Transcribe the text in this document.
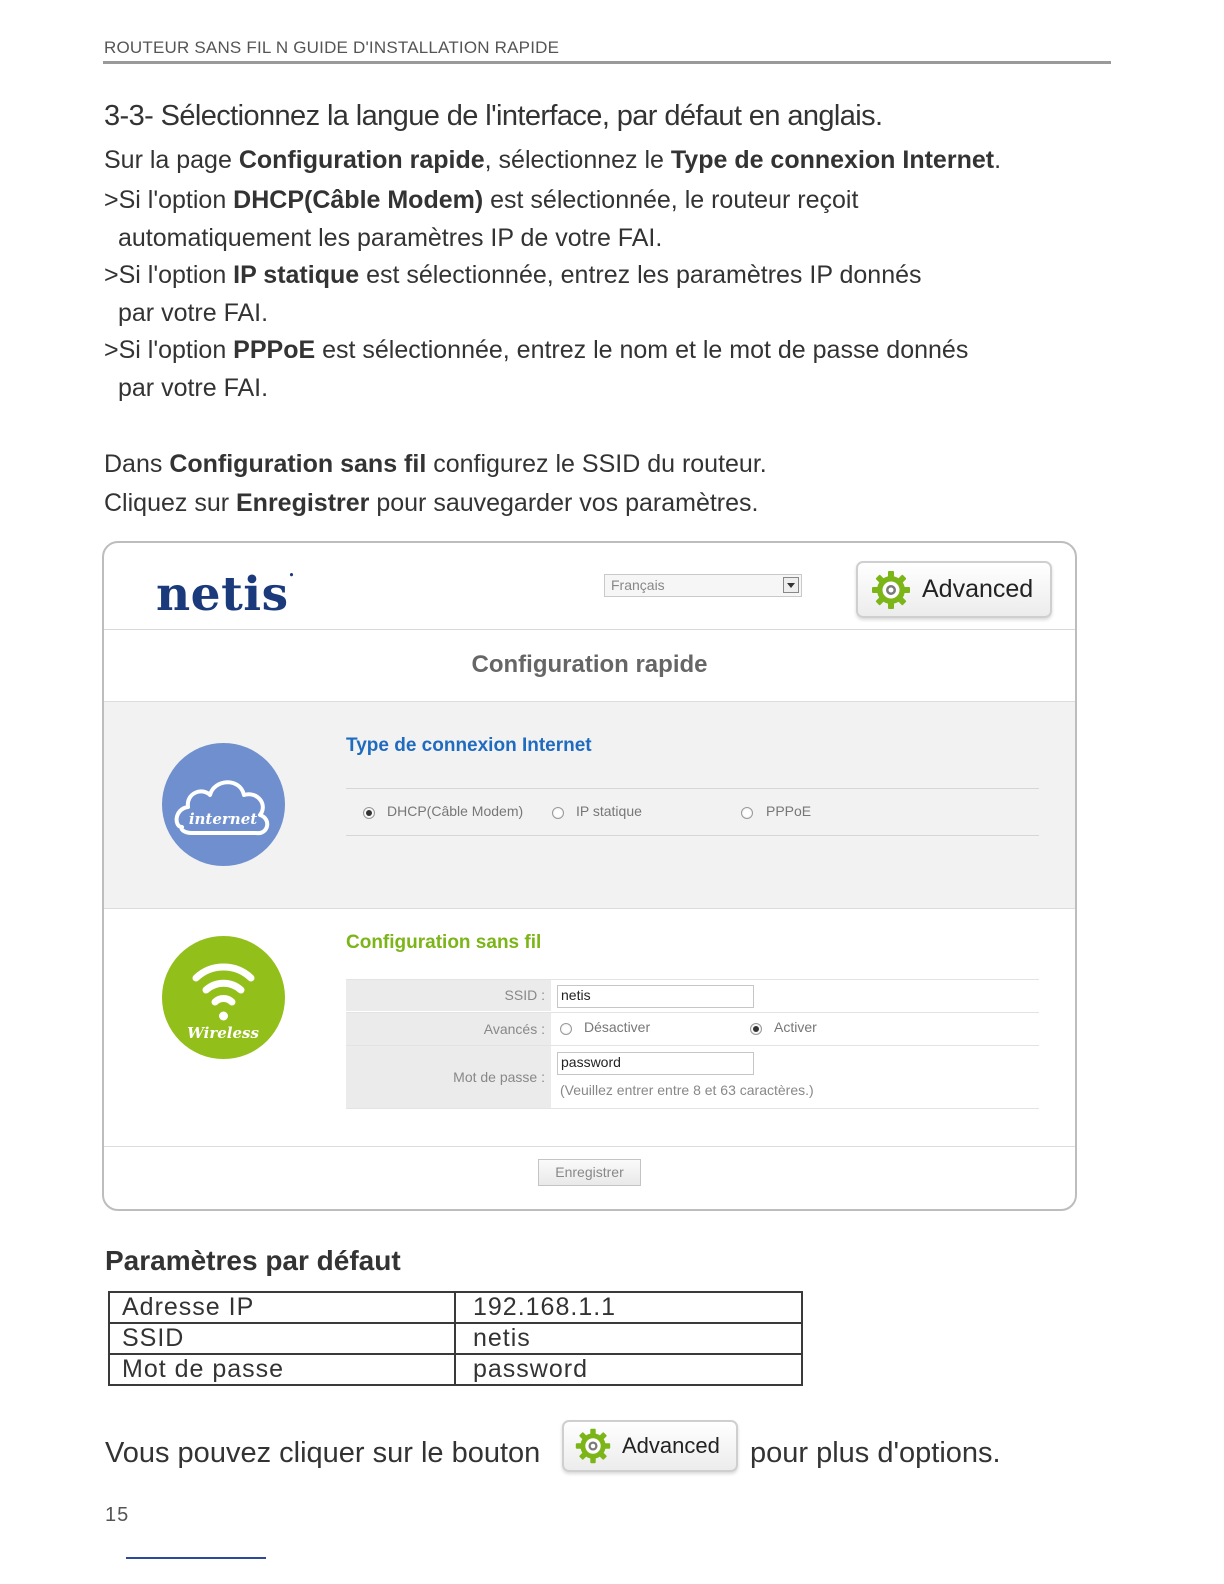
ROUTEUR SANS FIL N GUIDE D'INSTALLATION RAPIDE
3-3- Sélectionnez la langue de l'interface, par défaut en anglais.
Sur la page Configuration rapide, sélectionnez le Type de connexion Internet.
>Si l'option DHCP(Câble Modem) est sélectionnée, le routeur reçoit
automatiquement les paramètres IP de votre FAI.
>Si l'option IP statique est sélectionnée, entrez les paramètres IP donnés
par votre FAI.
>Si l'option PPPoE est sélectionnée, entrez le nom et le mot de passe donnés
par votre FAI.
Dans Configuration sans fil configurez le SSID du routeur.
Cliquez sur Enregistrer pour sauvegarder vos paramètres.
netis•
Français	Advanced
Configuration rapide
internet
Type de connexion Internet
DHCP(Câble Modem)	IP statique	PPPoE
Wireless
Configuration sans fil
SSID :	netis
Avancés :	Désactiver	Activer
Mot de passe :
password
(Veuillez entrer entre 8 et 63 caractères.)
Enregistrer
Paramètres par défaut
Adresse IP	192.168.1.1
SSID	netis
Mot de passe	password
Vous pouvez cliquer sur le bouton	Advanced pour plus d'options.
15
